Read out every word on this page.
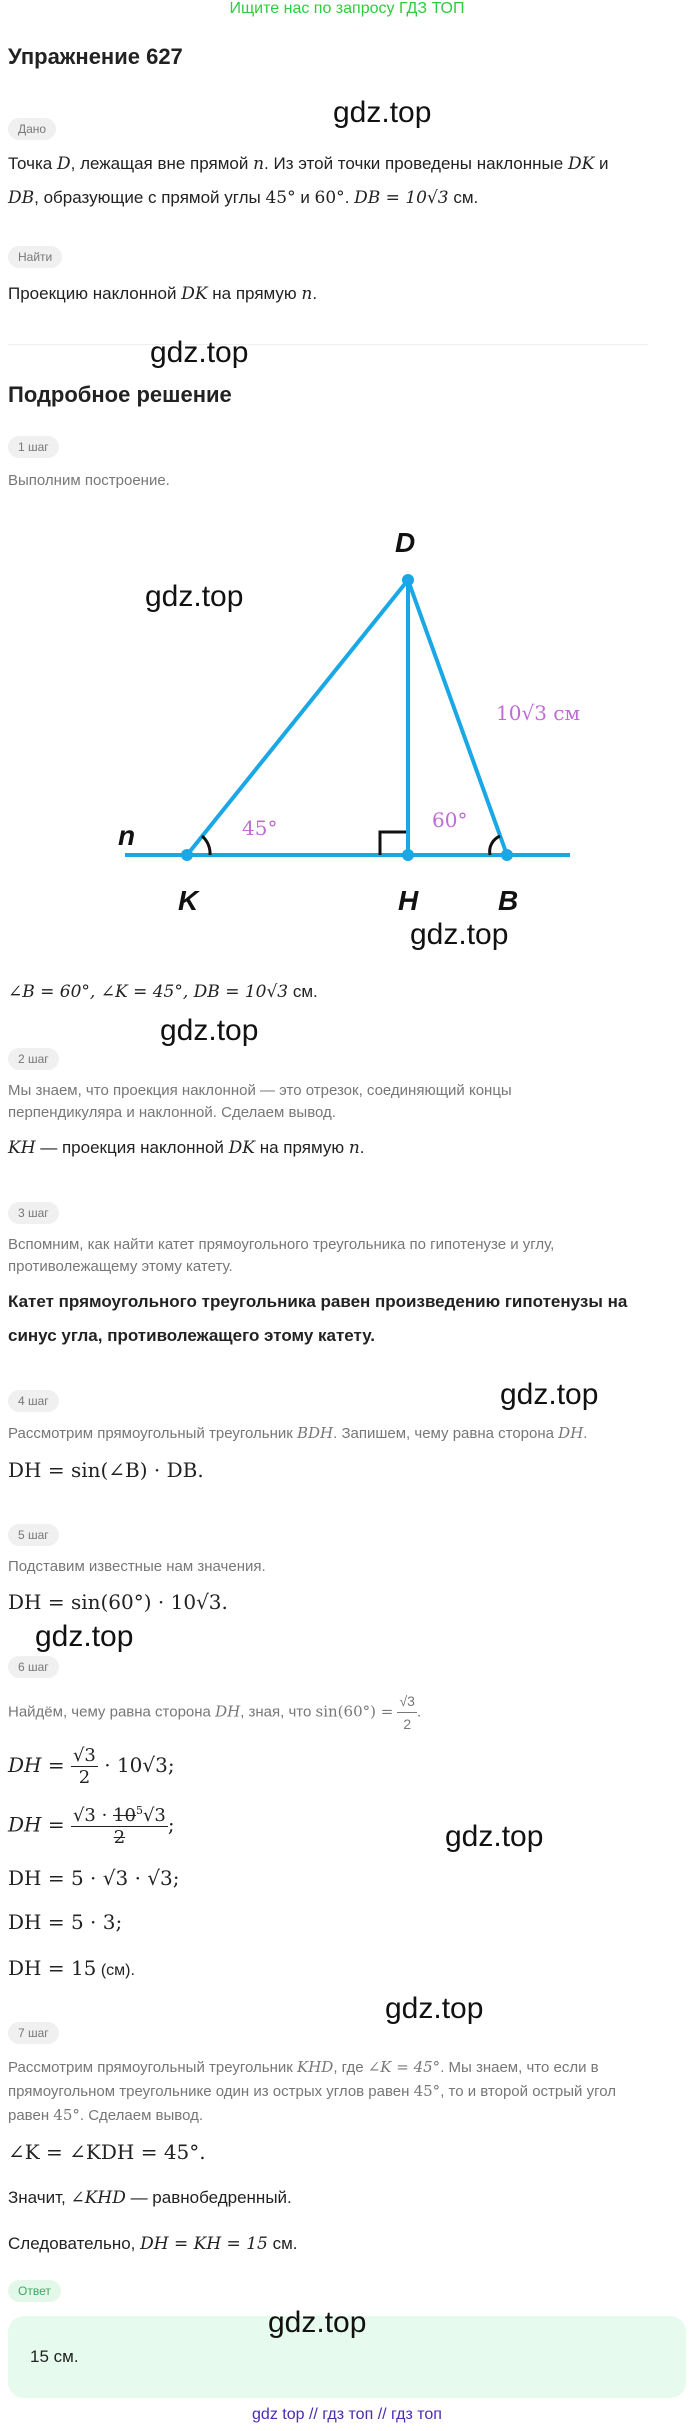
Ищите нас по запросу ГДЗ ТОП
Упражнение 627
Дано
Точка D, лежащая вне прямой n. Из этой точки проведены наклонные DK и
DB, образующие с прямой углы 45° и 60°. DB = 10√3 см.
Найти
Проекцию наклонной DK на прямую n.
Подробное решение
1 шаг
Выполним построение.
D
K	H	B
n	45°	60°
10√3 см
∠B = 60°, ∠K = 45°, DB = 10√3 см.
2 шаг
Мы знаем, что проекция наклонной — это отрезок, соединяющий концы
перпендикуляра и наклонной. Сделаем вывод.
KH — проекция наклонной DK на прямую n.
3 шаг
Вспомним, как найти катет прямоугольного треугольника по гипотенузе и углу,
противолежащему этому катету.
Катет прямоугольного треугольника равен произведению гипотенузы на
синус угла, противолежащего этому катету.
4 шаг
Рассмотрим прямоугольный треугольник BDH. Запишем, чему равна сторона DH.
DH = sin(∠B) · DB.
5 шаг
Подставим известные нам значения.
DH = sin(60°) · 10√3.
6 шаг
Найдём, чему равна сторона DH, зная, что $\sin(60^\circ) = \frac{√3}{2}$ .
DH = $\frac{√3}{2} \cdot 10√3$;
DH = $\frac{√3 \cdot 10^5√3}{2}$ ;
DH = 5 · √3 · √3;
DH = 5 · 3;
DH = 15 (см).
7 шаг
Рассмотрим прямоугольный треугольник KHD, где ∠K = 45°. Мы знаем, что если в
прямоугольном треугольнике один из острых углов равен 45°, то и второй острый угол
равен 45°. Сделаем вывод.
∠K = ∠KDH = 45°.
Значит, ∠KHD — равнобедренный.
Следовательно, DH = KH = 15 см.
Ответ
15 см.
gdz.top
gdz.top
gdz.top
gdz.top
gdz.top
gdz.top
gdz.top
gdz.top
gdz.top
gdz.top
gdz top // гдз топ // гдз топ
